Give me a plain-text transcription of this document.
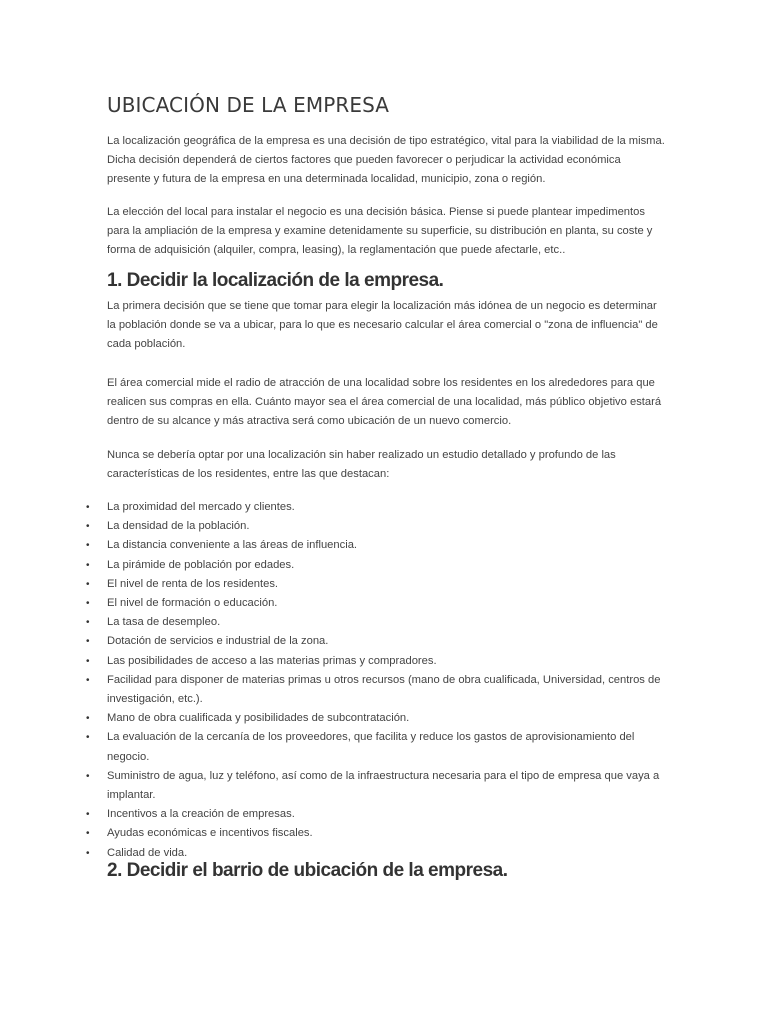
UBICACIÓN DE LA EMPRESA

La localización geográfica de la empresa es una decisión de tipo estratégico, vital para la viabilidad de la misma. Dicha decisión dependerá de ciertos factores que pueden favorecer o perjudicar la actividad económica presente y futura de la empresa en una determinada localidad, municipio, zona o región.

La elección del local para instalar el negocio es una decisión básica. Piense si puede plantear impedimentos para la ampliación de la empresa y examine detenidamente su superficie, su distribución en planta, su coste y forma de adquisición (alquiler, compra, leasing), la reglamentación que puede afectarle, etc..

1. Decidir la localización de la empresa.

La primera decisión que se tiene que tomar para elegir la localización más idónea de un negocio es determinar la población donde se va a ubicar, para lo que es necesario calcular el área comercial o "zona de influencia" de cada población.

El área comercial mide el radio de atracción de una localidad sobre los residentes en los alrededores para que realicen sus compras en ella. Cuánto mayor sea el área comercial de una localidad, más público objetivo estará dentro de su alcance y más atractiva será como ubicación de un nuevo comercio.

Nunca se debería optar por una localización sin haber realizado un estudio detallado y profundo de las características de los residentes, entre las que destacan:

• La proximidad del mercado y clientes.
• La densidad de la población.
• La distancia conveniente a las áreas de influencia.
• La pirámide de población por edades.
• El nivel de renta de los residentes.
• El nivel de formación o educación.
• La tasa de desempleo.
• Dotación de servicios e industrial de la zona.
• Las posibilidades de acceso a las materias primas y compradores.
• Facilidad para disponer de materias primas u otros recursos (mano de obra cualificada, Universidad, centros de investigación, etc.).
• Mano de obra cualificada y posibilidades de subcontratación.
• La evaluación de la cercanía de los proveedores, que facilita y reduce los gastos de aprovisionamiento del negocio.
• Suministro de agua, luz y teléfono, así como de la infraestructura necesaria para el tipo de empresa que vaya a implantar.
• Incentivos a la creación de empresas.
• Ayudas económicas e incentivos fiscales.
• Calidad de vida.
2. Decidir el barrio de ubicación de la empresa.
